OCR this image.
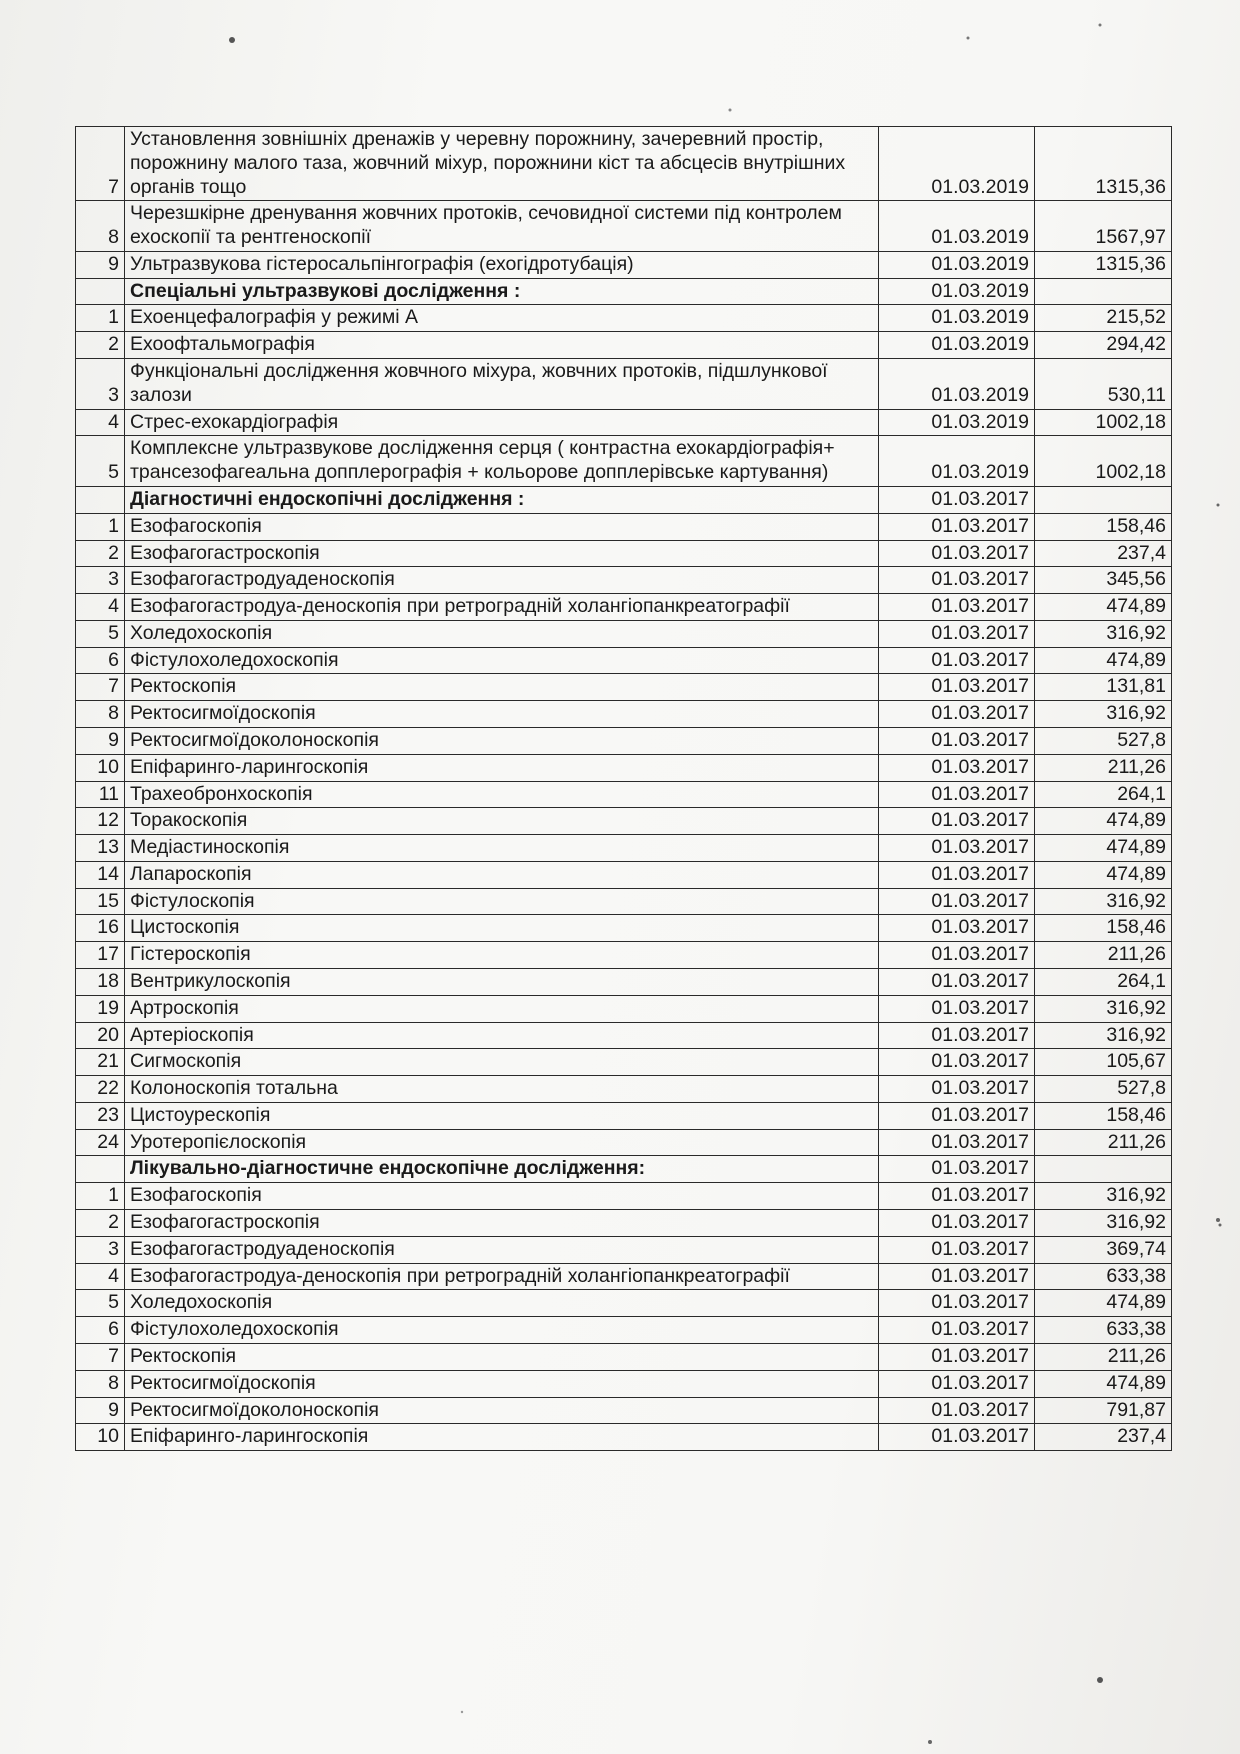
7	Установлення зовнішніх дренажів у черевну порожнину, зачеревний простір, порожнину малого таза, жовчний міхур, порожнини кіст та абсцесів внутрішних органів тощо	01.03.2019	1315,36
8	Черезшкірне дренування жовчних протоків, сечовидної системи під контролем ехоскопії та рентгеноскопії	01.03.2019	1567,97
9	Ультразвукова гістеросальпінгографія (ехогідротубація)	01.03.2019	1315,36
	Спеціальні ультразвукові дослідження :	01.03.2019	
1	Ехоенцефалографія у режимі А	01.03.2019	215,52
2	Ехоофтальмографія	01.03.2019	294,42
3	Функціональні дослідження жовчного міхура, жовчних протоків, підшлункової залози	01.03.2019	530,11
4	Стрес-ехокардіографія	01.03.2019	1002,18
5	Комплексне ультразвукове дослідження серця ( контрастна ехокардіографія+ трансезофагеальна допплерографія + кольорове допплерівське картування)	01.03.2019	1002,18
	Діагностичні ендоскопічні дослідження :	01.03.2017	
1	Езофагоскопія	01.03.2017	158,46
2	Езофагогастроскопія	01.03.2017	237,4
3	Езофагогастродуаденоскопія	01.03.2017	345,56
4	Езофагогастродуа-деноскопія при ретроградній холангіопанкреатографії	01.03.2017	474,89
5	Холедохоскопія	01.03.2017	316,92
6	Фістулохоледохоскопія	01.03.2017	474,89
7	Ректоскопія	01.03.2017	131,81
8	Ректосигмоїдоскопія	01.03.2017	316,92
9	Ректосигмоїдоколоноскопія	01.03.2017	527,8
10	Епіфаринго-ларингоскопія	01.03.2017	211,26
11	Трахеобронхоскопія	01.03.2017	264,1
12	Торакоскопія	01.03.2017	474,89
13	Медіастиноскопія	01.03.2017	474,89
14	Лапароскопія	01.03.2017	474,89
15	Фістулоскопія	01.03.2017	316,92
16	Цистоскопія	01.03.2017	158,46
17	Гістероскопія	01.03.2017	211,26
18	Вентрикулоскопія	01.03.2017	264,1
19	Артроскопія	01.03.2017	316,92
20	Артеріоскопія	01.03.2017	316,92
21	Сигмоскопія	01.03.2017	105,67
22	Колоноскопія тотальна	01.03.2017	527,8
23	Цистоурескопія	01.03.2017	158,46
24	Уротеропієлоскопія	01.03.2017	211,26
	Лікувально-діагностичне ендоскопічне дослідження:	01.03.2017	
1	Езофагоскопія	01.03.2017	316,92
2	Езофагогастроскопія	01.03.2017	316,92
3	Езофагогастродуаденоскопія	01.03.2017	369,74
4	Езофагогастродуа-деноскопія при ретроградній холангіопанкреатографії	01.03.2017	633,38
5	Холедохоскопія	01.03.2017	474,89
6	Фістулохоледохоскопія	01.03.2017	633,38
7	Ректоскопія	01.03.2017	211,26
8	Ректосигмоїдоскопія	01.03.2017	474,89
9	Ректосигмоїдоколоноскопія	01.03.2017	791,87
10	Епіфаринго-ларингоскопія	01.03.2017	237,4
